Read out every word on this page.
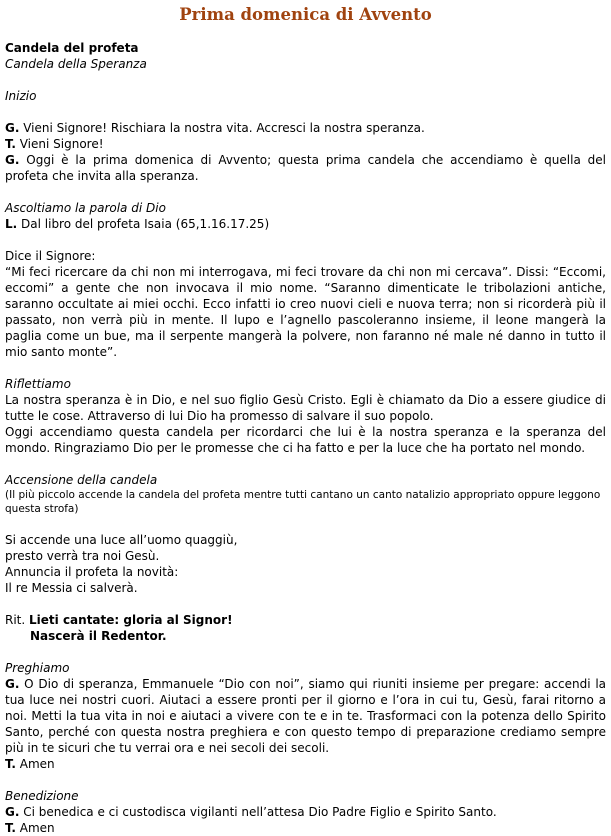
Prima domenica di Avvento
Candela del profeta
Candela della Speranza
Inizio

G. Vieni Signore! Rischiara la nostra vita. Accresci la nostra speranza.

T. Vieni Signore!

G. Oggi è la prima domenica di Avvento; questa prima candela che accendiamo è quella del profeta che invita alla speranza.

Ascoltiamo la parola di Dio

L. Dal libro del profeta Isaia (65,1.16.17.25)

Dice il Signore:

“Mi feci ricercare da chi non mi interrogava, mi feci trovare da chi non mi cercava”. Dissi: “Eccomi, eccomi” a gente che non invocava il mio nome. “Saranno dimenticate le tribolazioni antiche, saranno occultate ai miei occhi. Ecco infatti io creo nuovi cieli e nuova terra; non si ricorderà più il passato, non verrà più in mente. Il lupo e l’agnello pascoleranno insieme, il leone mangerà la paglia come un bue, ma il serpente mangerà la polvere, non faranno né male né danno in tutto il mio santo monte”.

Riflettiamo

La nostra speranza è in Dio, e nel suo figlio Gesù Cristo. Egli è chiamato da Dio a essere giudice di tutte le cose. Attraverso di lui Dio ha promesso di salvare il suo popolo.

Oggi accendiamo questa candela per ricordarci che lui è la nostra speranza e la speranza del mondo. Ringraziamo Dio per le promesse che ci ha fatto e per la luce che ha portato nel mondo.

Accensione della candela
(Il più piccolo accende la candela del profeta mentre tutti cantano un canto natalizio appropriato oppure leggono questa strofa)
Si accende una luce all’uomo quaggiù,
presto verrà tra noi Gesù.
Annuncia il profeta la novità:
Il re Messia ci salverà.
Rit. Lieti cantate: gloria al Signor!
Nascerà il Redentor.
Preghiamo

G. O Dio di speranza, Emmanuele “Dio con noi”, siamo qui riuniti insieme per pregare: accendi la tua luce nei nostri cuori. Aiutaci a essere pronti per il giorno e l’ora in cui tu, Gesù, farai ritorno a noi. Metti la tua vita in noi e aiutaci a vivere con te e in te. Trasformaci con la potenza dello Spirito Santo, perché con questa nostra preghiera e con questo tempo di preparazione crediamo sempre più in te sicuri che tu verrai ora e nei secoli dei secoli.

T. Amen

Benedizione

G. Ci benedica e ci custodisca vigilanti nell’attesa Dio Padre Figlio e Spirito Santo.

T. Amen
